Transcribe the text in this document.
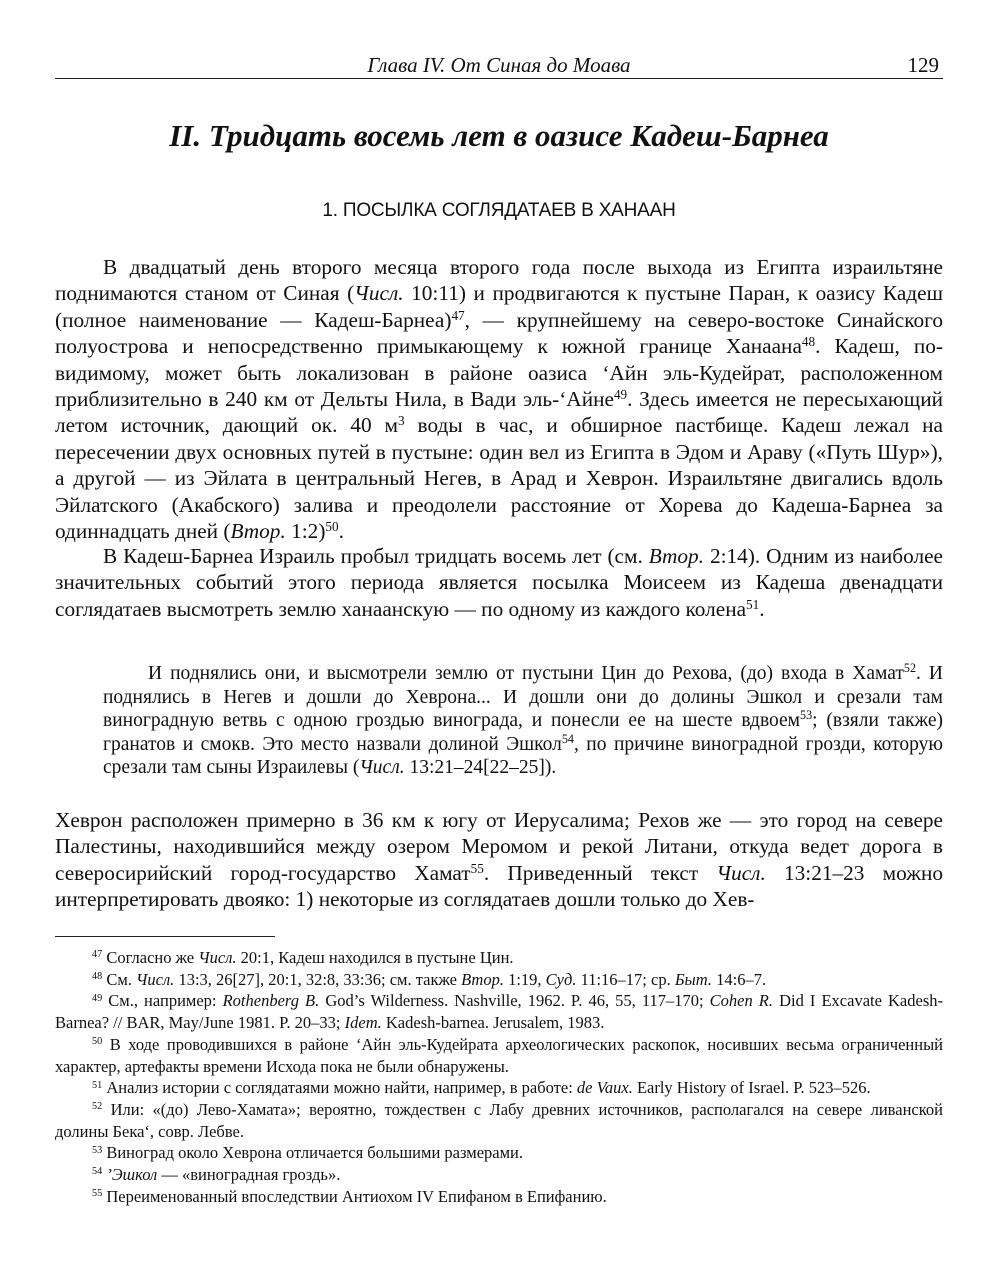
Глава IV. От Синая до Моава	129
II. Тридцать восемь лет в оазисе Кадеш-Барнеа
1. ПОСЫЛКА СОГЛЯДАТАЕВ В ХАНААН

В двадцатый день второго месяца второго года после выхода из Египта израильтяне поднимаются станом от Синая (Числ. 10:11) и продвигаются к пустыне Паран, к оазису Кадеш (полное наименование — Кадеш-Барнеа)$^{47}$, — крупнейшему на северо-востоке Синайского полуострова и непосредственно примыкающему к южной границе Ханаана$^{48}$. Кадеш, по-видимому, может быть локализован в районе оазиса ‘Айн эль-Кудейрат, расположенном приблизительно в 240 км от Дельты Нила, в Вади эль-‘Айне$^{49}$. Здесь имеется не пересыхающий летом источник, дающий ок. 40 $м^3$ воды в час, и обширное пастбище. Кадеш лежал на пересечении двух основных путей в пустыне: один вел из Египта в Эдом и Араву («Путь Шур»), а другой — из Эйлата в центральный Негев, в Арад и Хеврон. Израильтяне двигались вдоль Эйлатского (Акабского) залива и преодолели расстояние от Хорева до Кадеша-Барнеа за одиннадцать дней (Втор. 1:2)$^{50}$.

В Кадеш-Барнеа Израиль пробыл тридцать восемь лет (см. Втор. 2:14). Одним из наиболее значительных событий этого периода является посылка Моисеем из Кадеша двенадцати соглядатаев высмотреть землю ханаанскую — по одному из каждого колена$^{51}$.

И поднялись они, и высмотрели землю от пустыни Цин до Рехова, (до) входа в Хамат$^{52}$. И поднялись в Негев и дошли до Хеврона... И дошли они до долины Эшкол и срезали там виноградную ветвь с одною гроздью винограда, и понесли ее на шесте вдвоем$^{53}$; (взяли также) гранатов и смокв. Это место назвали долиной Эшкол$^{54}$, по причине виноградной грозди, которую срезали там сыны Израилевы (Числ. 13:21–24[22–25]).

Хеврон расположен примерно в 36 км к югу от Иерусалима; Рехов же — это город на севере Палестины, находившийся между озером Меромом и рекой Литани, откуда ведет дорога в северосирийский город-государство Хамат$^{55}$. Приведенный текст Числ. 13:21–23 можно интерпретировать двояко: 1) некоторые из соглядатаев дошли только до Хев-

$^{47}$ Согласно же Числ. 20:1, Кадеш находился в пустыне Цин.

$^{48}$ См. Числ. 13:3, 26[27], 20:1, 32:8, 33:36; см. также Втор. 1:19, Суд. 11:16–17; ср. Быт. 14:6–7.

$^{49}$ См., например: Rothenberg B. God’s Wilderness. Nashville, 1962. P. 46, 55, 117–170; Cohen R. Did I Excavate Kadesh-Barnea? // BAR, May/June 1981. P. 20–33; Idem. Kadesh-barnea. Jerusalem, 1983.

$^{50}$ В ходе проводившихся в районе ‘Айн эль-Кудейрата археологических раскопок, носивших весьма ограниченный характер, артефакты времени Исхода пока не были обнаружены.

$^{51}$ Анализ истории с соглядатаями можно найти, например, в работе: de Vaux. Early History of Israel. P. 523–526.

$^{52}$ Или: «(до) Лево-Хамата»; вероятно, тождествен с Лабу древних источников, располагался на севере ливанской долины Бека‘, совр. Лебве.

$^{53}$ Виноград около Хеврона отличается большими размерами.

$^{54}$ ’Эшкол — «виноградная гроздь».

$^{55}$ Переименованный впоследствии Антиохом IV Епифаном в Епифанию.
